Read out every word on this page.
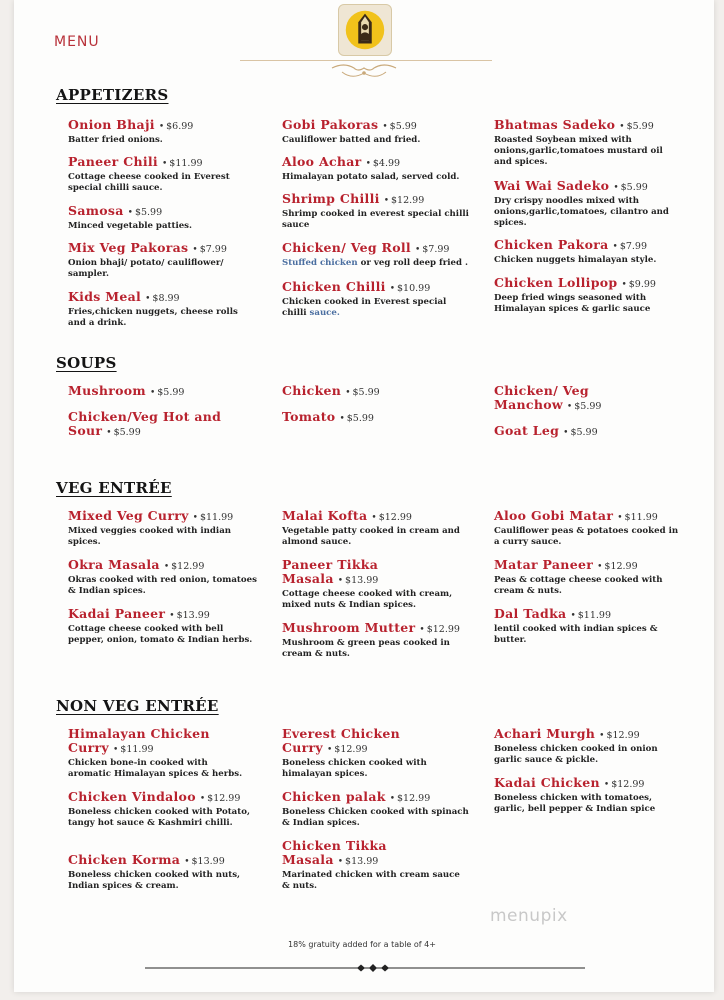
MENU
APPETIZERS
Onion Bhaji • $6.99
Batter fried onions.
Paneer Chili • $11.99
Cottage cheese cooked in Everest special chilli sauce.
Samosa • $5.99
Minced vegetable patties.
Mix Veg Pakoras • $7.99
Onion bhaji/ potato/ cauliflower/ sampler.
Kids Meal • $8.99
Fries,chicken nuggets, cheese rolls and a drink.
Gobi Pakoras • $5.99
Cauliflower batted and fried.
Aloo Achar • $4.99
Himalayan potato salad, served cold.
Shrimp Chilli • $12.99
Shrimp cooked in everest special chilli sauce
Chicken/ Veg Roll • $7.99
Stuffed chicken or veg roll deep fried .
Chicken Chilli • $10.99
Chicken cooked in Everest special chilli sauce.
Bhatmas Sadeko • $5.99
Roasted Soybean mixed with onions,garlic,tomatoes mustard oil and spices.
Wai Wai Sadeko • $5.99
Dry crispy noodles mixed with onions,garlic,tomatoes, cilantro and spices.
Chicken Pakora • $7.99
Chicken nuggets himalayan style.
Chicken Lollipop • $9.99
Deep fried wings seasoned with Himalayan spices & garlic sauce
SOUPS
Mushroom • $5.99
Chicken/Veg Hot and Sour • $5.99
Chicken • $5.99
Tomato • $5.99
Chicken/ Veg Manchow • $5.99
Goat Leg • $5.99
VEG ENTRÉE
Mixed Veg Curry • $11.99
Mixed veggies cooked with indian spices.
Okra Masala • $12.99
Okras cooked with red onion, tomatoes & Indian spices.
Kadai Paneer • $13.99
Cottage cheese cooked with bell pepper, onion, tomato & Indian herbs.
Malai Kofta • $12.99
Vegetable patty cooked in cream and almond sauce.
Paneer Tikka Masala • $13.99
Cottage cheese cooked with cream, mixed nuts & Indian spices.
Mushroom Mutter • $12.99
Mushroom & green peas cooked in cream & nuts.
Aloo Gobi Matar • $11.99
Cauliflower peas & potatoes cooked in a curry sauce.
Matar Paneer • $12.99
Peas & cottage cheese cooked with cream & nuts.
Dal Tadka • $11.99
lentil cooked with indian spices & butter.
NON VEG ENTRÉE
Himalayan Chicken Curry • $11.99
Chicken bone-in cooked with aromatic Himalayan spices & herbs.
Chicken Vindaloo • $12.99
Boneless chicken cooked with Potato, tangy hot sauce & Kashmiri chilli.
Chicken Korma • $13.99
Boneless chicken cooked with nuts, Indian spices & cream.
Everest Chicken Curry • $12.99
Boneless chicken cooked with himalayan spices.
Chicken palak • $12.99
Boneless Chicken cooked with spinach & Indian spices.
Chicken Tikka Masala • $13.99
Marinated chicken with cream sauce & nuts.
Achari Murgh • $12.99
Boneless chicken cooked in onion garlic sauce & pickle.
Kadai Chicken • $12.99
Boneless chicken with tomatoes, garlic, bell pepper & Indian spice
menupix
18% gratuity added for a table of 4+
